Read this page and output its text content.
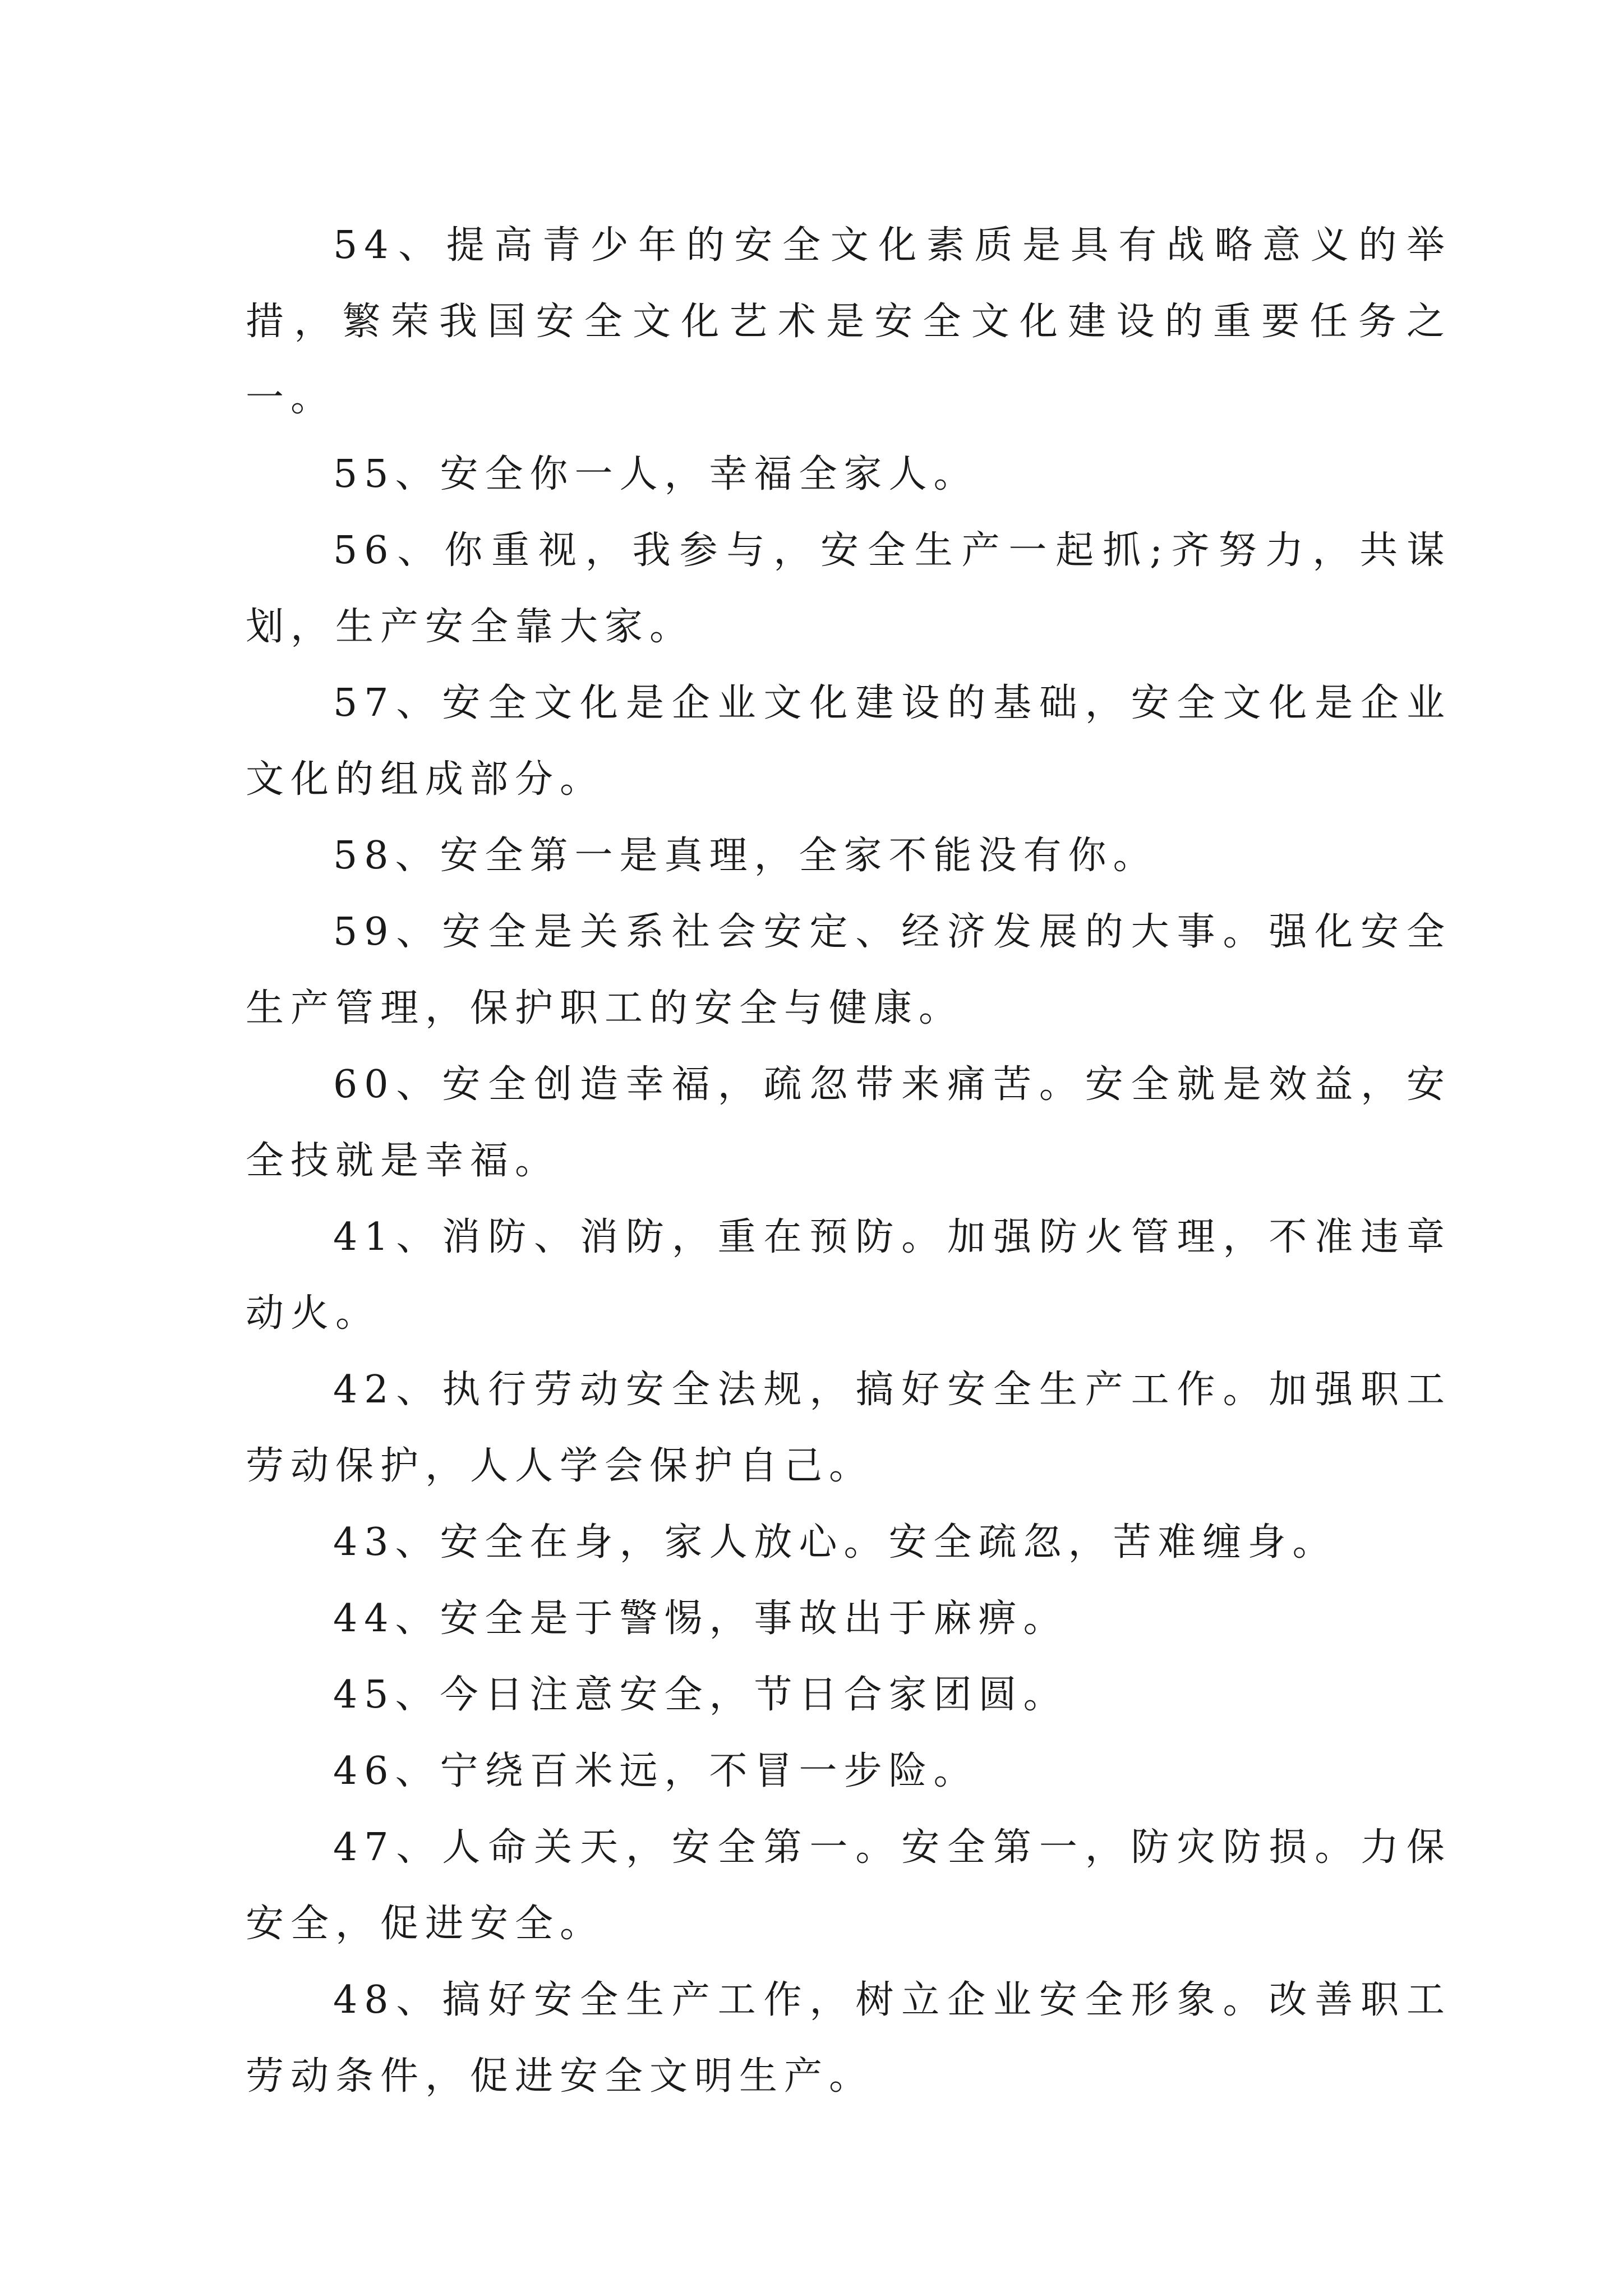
54、提高青少年的安全文化素质是具有战略意义的举措，繁荣我国安全文化艺术是安全文化建设的重要任务之一。

55、安全你一人，幸福全家人。

56、你重视，我参与，安全生产一起抓;齐努力，共谋划，生产安全靠大家。

57、安全文化是企业文化建设的基础，安全文化是企业文化的组成部分。

58、安全第一是真理，全家不能没有你。

59、安全是关系社会安定、经济发展的大事。强化安全生产管理，保护职工的安全与健康。

60、安全创造幸福，疏忽带来痛苦。安全就是效益，安全技就是幸福。

41、消防、消防，重在预防。加强防火管理，不准违章动火。

42、执行劳动安全法规，搞好安全生产工作。加强职工劳动保护，人人学会保护自己。

43、安全在身，家人放心。安全疏忽，苦难缠身。

44、安全是于警惕，事故出于麻痹。

45、今日注意安全，节日合家团圆。

46、宁绕百米远，不冒一步险。

47、人命关天，安全第一。安全第一，防灾防损。力保安全，促进安全。

48、搞好安全生产工作，树立企业安全形象。改善职工劳动条件，促进安全文明生产。
